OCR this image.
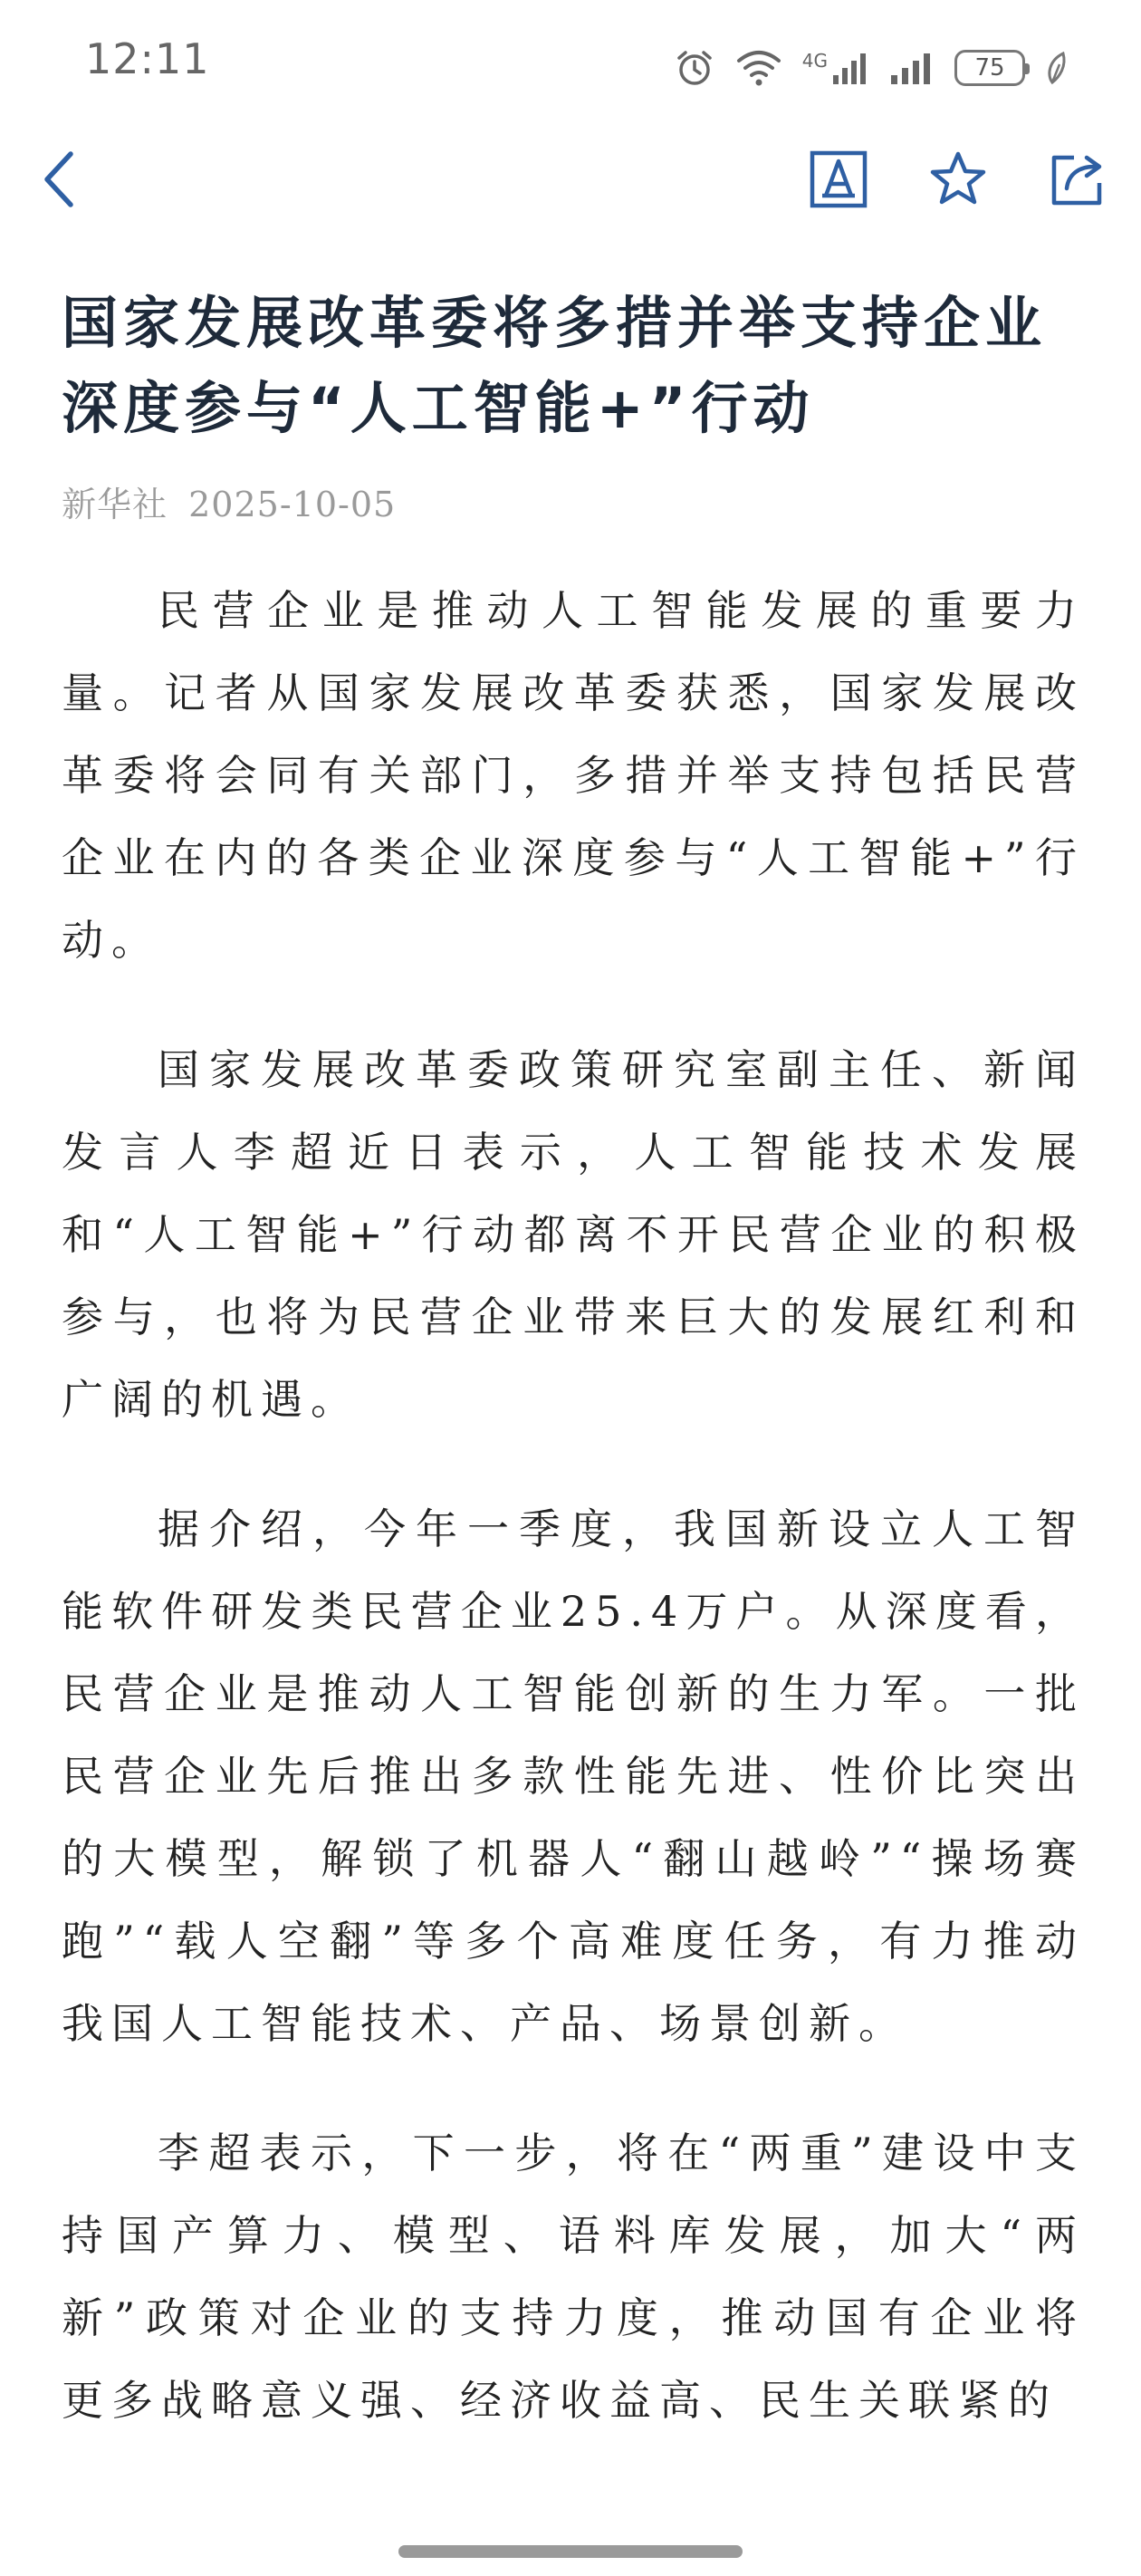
12:11	4G	75
国家发展改革委将多措并举支持企业深度参与“人工智能+”行动
新华社 2025-10-05

民营企业是推动人工智能发展的重要力量。记者从国家发展改革委获悉，国家发展改革委将会同有关部门，多措并举支持包括民营企业在内的各类企业深度参与“人工智能+”行动。

国家发展改革委政策研究室副主任、新闻发言人李超近日表示，人工智能技术发展和“人工智能+”行动都离不开民营企业的积极参与，也将为民营企业带来巨大的发展红利和广阔的机遇。

据介绍，今年一季度，我国新设立人工智能软件研发类民营企业25.4万户。从深度看，民营企业是推动人工智能创新的生力军。一批民营企业先后推出多款性能先进、性价比突出的大模型，解锁了机器人“翻山越岭”“操场赛跑”“载人空翻”等多个高难度任务，有力推动我国人工智能技术、产品、场景创新。

李超表示，下一步，将在“两重”建设中支持国产算力、模型、语料库发展，加大“两新”政策对企业的支持力度，推动国有企业将更多战略意义强、经济收益高、民生关联紧的
